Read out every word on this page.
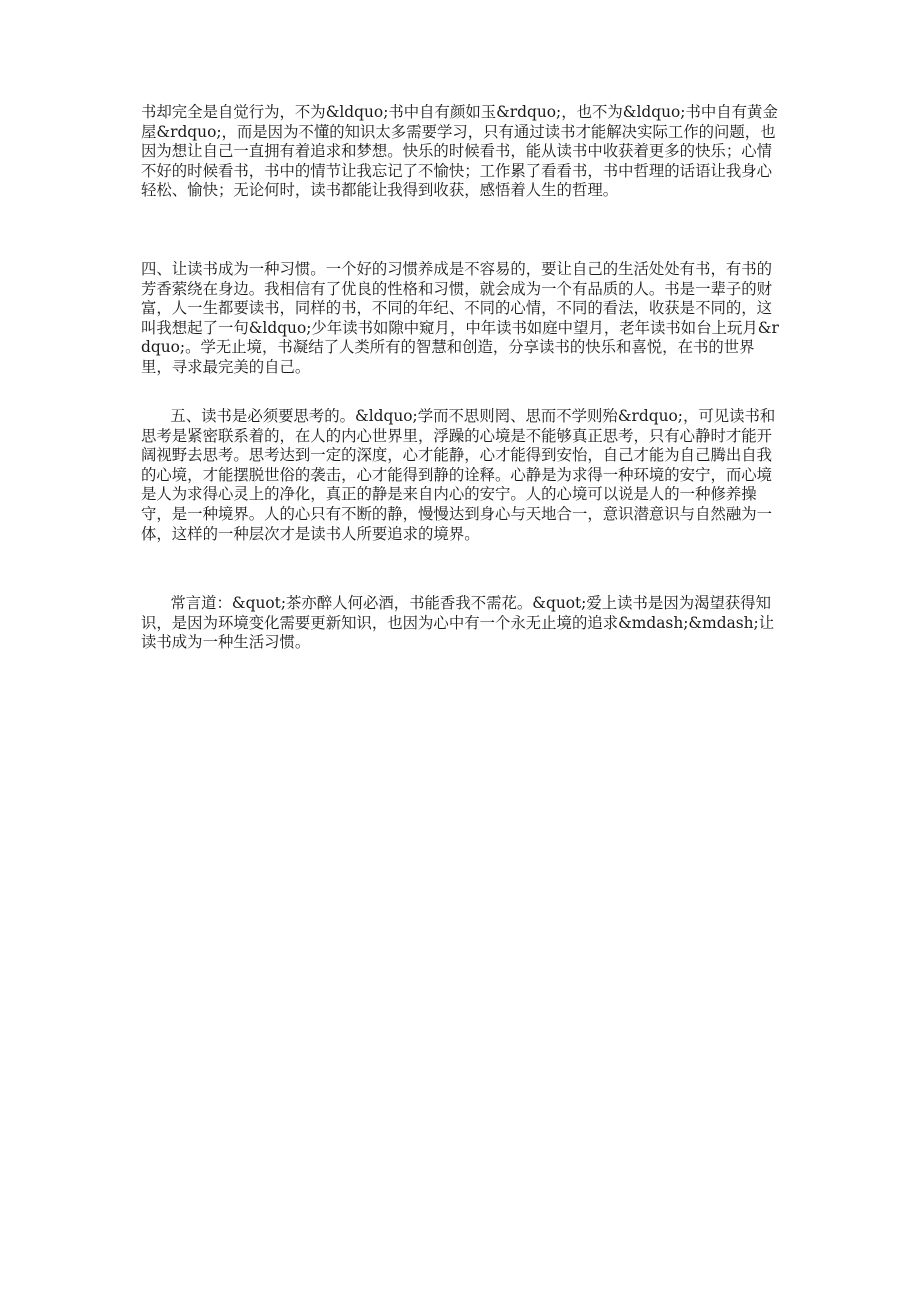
书却完全是自觉行为，不为&ldquo;书中自有颜如玉&rdquo;，也不为&ldquo;书中自有黄金屋&rdquo;，而是因为不懂的知识太多需要学习，只有通过读书才能解决实际工作的问题，也因为想让自己一直拥有着追求和梦想。快乐的时候看书，能从读书中收获着更多的快乐；心情不好的时候看书，书中的情节让我忘记了不愉快；工作累了看看书，书中哲理的话语让我身心轻松、愉快；无论何时，读书都能让我得到收获，感悟着人生的哲理。

四、让读书成为一种习惯。一个好的习惯养成是不容易的，要让自己的生活处处有书，有书的芳香萦绕在身边。我相信有了优良的性格和习惯，就会成为一个有品质的人。书是一辈子的财富，人一生都要读书，同样的书，不同的年纪、不同的心情，不同的看法，收获是不同的，这叫我想起了一句&ldquo;少年读书如隙中窥月，中年读书如庭中望月，老年读书如台上玩月&rdquo;。学无止境，书凝结了人类所有的智慧和创造，分享读书的快乐和喜悦，在书的世界里，寻求最完美的自己。

五、读书是必须要思考的。&ldquo;学而不思则罔、思而不学则殆&rdquo;，可见读书和思考是紧密联系着的，在人的内心世界里，浮躁的心境是不能够真正思考，只有心静时才能开阔视野去思考。思考达到一定的深度，心才能静，心才能得到安怡，自己才能为自己腾出自我的心境，才能摆脱世俗的袭击，心才能得到静的诠释。心静是为求得一种环境的安宁，而心境是人为求得心灵上的净化，真正的静是来自内心的安宁。人的心境可以说是人的一种修养操守，是一种境界。人的心只有不断的静，慢慢达到身心与天地合一，意识潜意识与自然融为一体，这样的一种层次才是读书人所要追求的境界。

常言道：&quot;茶亦醉人何必酒，书能香我不需花。&quot;爱上读书是因为渴望获得知识，是因为环境变化需要更新知识，也因为心中有一个永无止境的追求&mdash;&mdash;让读书成为一种生活习惯。
